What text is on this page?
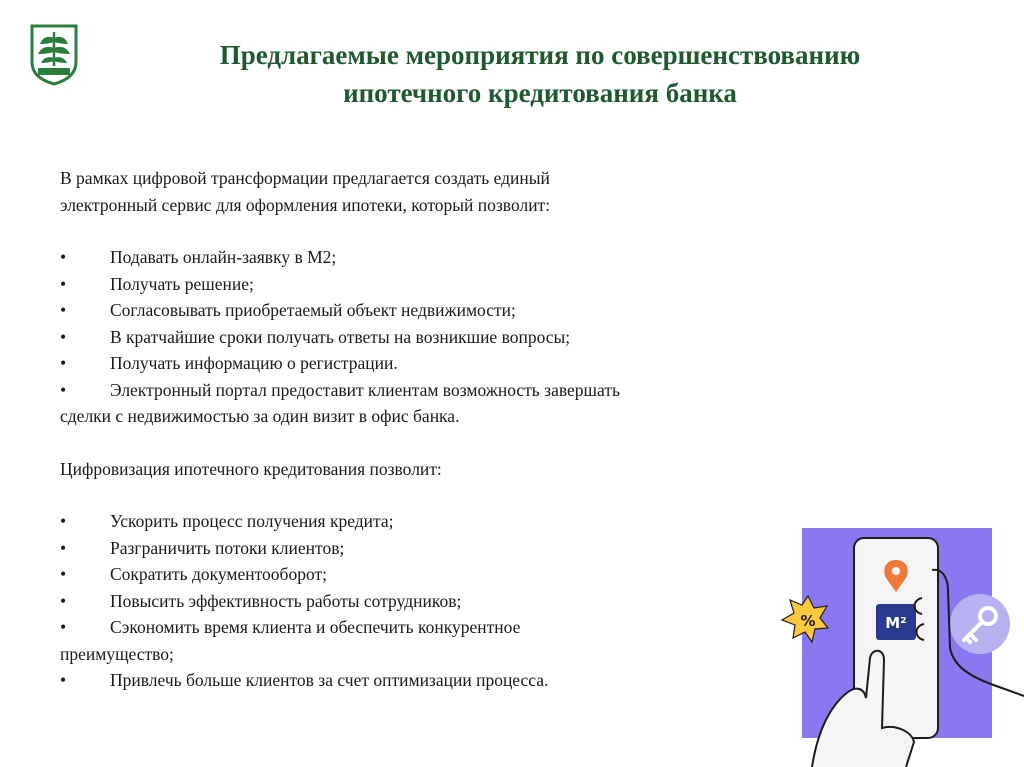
Предлагаемые мероприятия по совершенствованию
ипотечного кредитования банка

В рамках цифровой трансформации предлагается создать единый

электронный сервис для оформления ипотеки, который позволит:

•	Подавать онлайн-заявку в М2;
•	Получать решение;
•	Согласовывать приобретаемый объект недвижимости;
•	В кратчайшие сроки получать ответы на возникшие вопросы;
•	Получать информацию о регистрации.
•	Электронный портал предоставит клиентам возможность завершать

сделки с недвижимостью за один визит в офис банка.

Цифровизация ипотечного кредитования позволит:

•	Ускорить процесс получения кредита;
•	Разграничить потоки клиентов;
•	Сократить документооборот;
•	Повысить эффективность работы сотрудников;
•	Сэкономить время клиента и обеспечить конкурентное

преимущество;

•	Привлечь больше клиентов за счет оптимизации процесса.
M²
%
